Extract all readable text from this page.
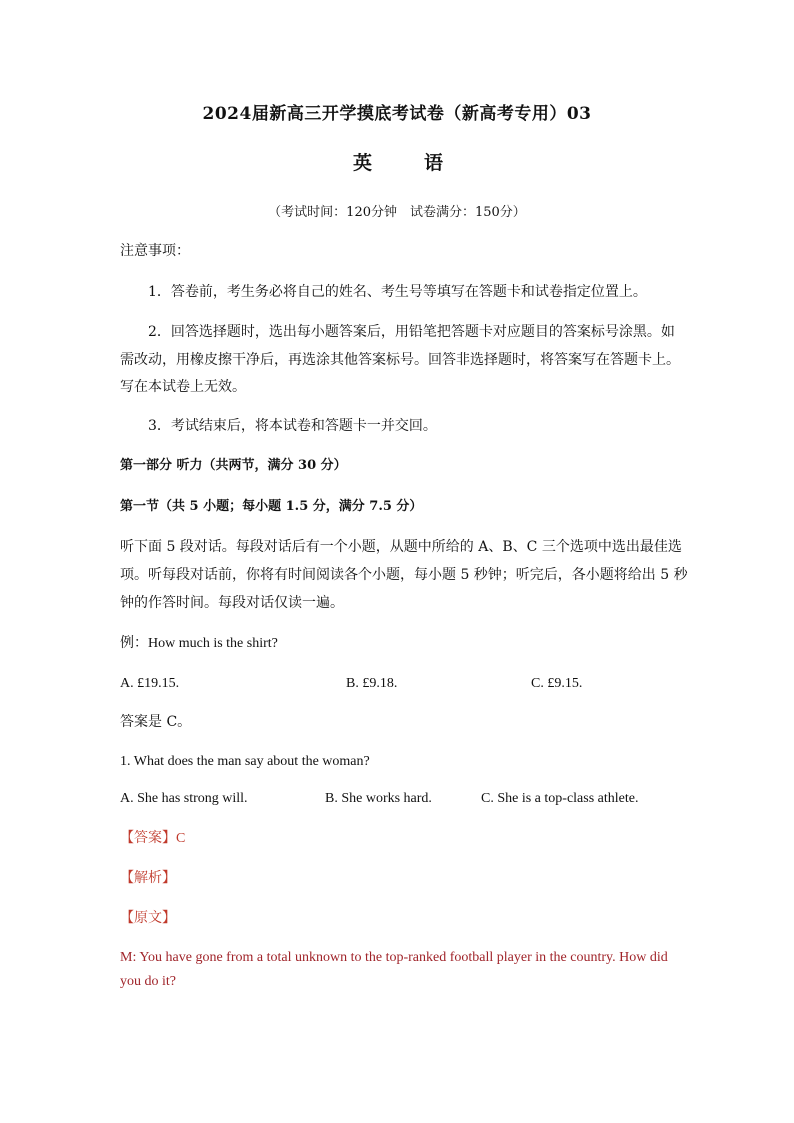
2024届新高三开学摸底考试卷（新高考专用）03
英	语
（考试时间：120分钟　试卷满分：150分）
注意事项：
1．答卷前，考生务必将自己的姓名、考生号等填写在答题卡和试卷指定位置上。
2．回答选择题时，选出每小题答案后，用铅笔把答题卡对应题目的答案标号涂黑。如
需改动，用橡皮擦干净后，再选涂其他答案标号。回答非选择题时，将答案写在答题卡上。
写在本试卷上无效。
3．考试结束后，将本试卷和答题卡一并交回。
第一部分 听力（共两节，满分 30 分）
第一节（共 5 小题；每小题 1.5 分，满分 7.5 分）
听下面 5 段对话。每段对话后有一个小题，从题中所给的 A、B、C 三个选项中选出最佳选
项。听每段对话前，你将有时间阅读各个小题，每小题 5 秒钟；听完后，各小题将给出 5 秒
钟的作答时间。每段对话仅读一遍。
例：How much is the shirt?
A. £19.15.	B. £9.18.	C. £9.15.
答案是 C。
1. What does the man say about the woman?
A. She has strong will.	B. She works hard.	C. She is a top-class athlete.
【答案】C
【解析】
【原文】
M: You have gone from a total unknown to the top-ranked football player in the country. How did
you do it?
